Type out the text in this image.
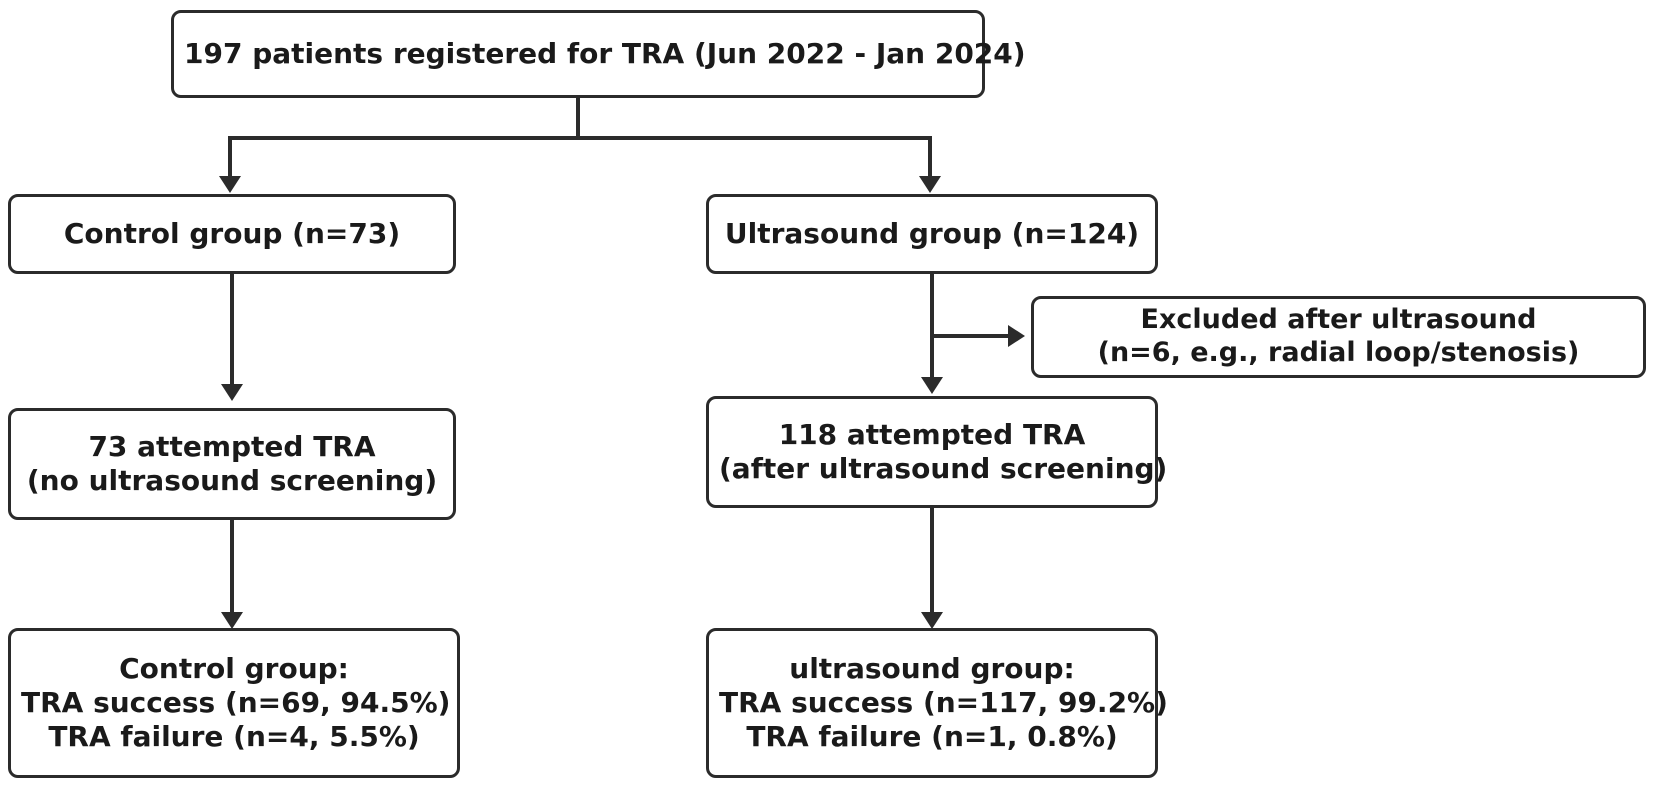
197 patients registered for TRA (Jun 2022 - Jan 2024)
Control group (n=73)	Ultrasound group (n=124)
Excluded after ultrasound
(n=6, e.g., radial loop/stenosis)
73 attempted TRA
(no ultrasound screening)
118 attempted TRA
(after ultrasound screening)
Control group:
TRA success (n=69, 94.5%)
TRA failure (n=4, 5.5%)
ultrasound group:
TRA success (n=117, 99.2%)
TRA failure (n=1, 0.8%)
